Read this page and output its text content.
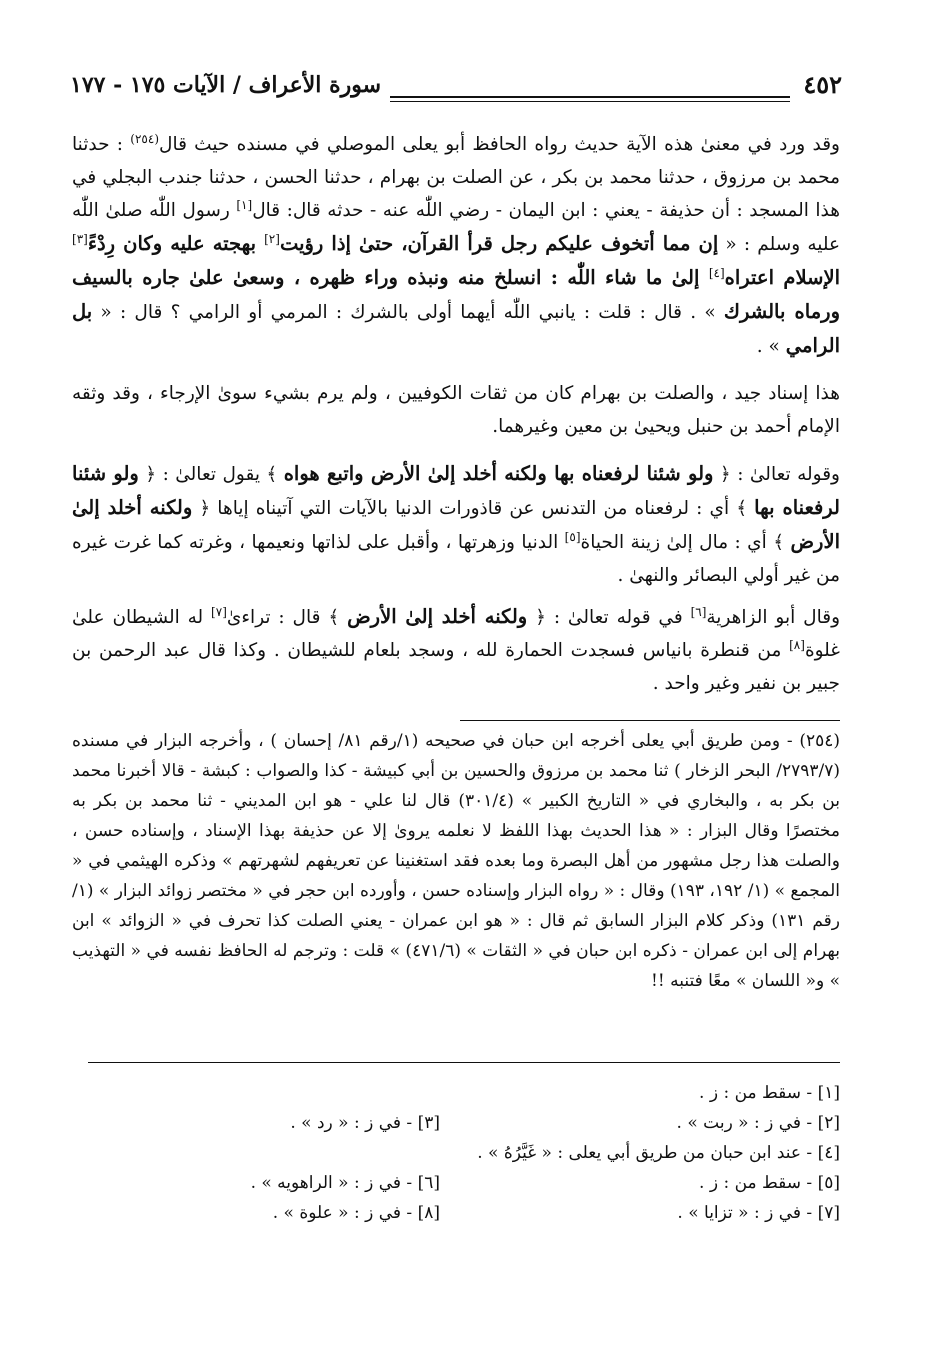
٤٥٢
سورة الأعراف / الآيات ١٧٥ - ١٧٧

وقد ورد في معنىٰ هذه الآية حديث رواه الحافظ أبو يعلى الموصلي في مسنده حيث قال$^{(٢٥٤)}$ : حدثنا محمد بن مرزوق ، حدثنا محمد بن بكر ، عن الصلت بن بهرام ، حدثنا الحسن ، حدثنا جندب البجلي في هذا المسجد : أن حذيفة - يعني : ابن اليمان - رضي اللّٰه عنه - حدثه قال: قال[١] رسول اللّٰه صلىٰ اللّٰه عليه وسلم : « إن مما أتخوف عليكم رجل قرأ القرآن، حتىٰ إذا رؤيت[٢] بهجته عليه وكان رِدْءً[٣] الإسلام اعتراه[٤] إلىٰ ما شاء اللّٰه : انسلخ منه ونبذه وراء ظهره ، وسعىٰ علىٰ جاره بالسيف ورماه بالشرك » . قال : قلت : يانبي اللّٰه أيهما أولى بالشرك : المرمي أو الرامي ؟ قال : « بل الرامي » .

هذا إسناد جيد ، والصلت بن بهرام كان من ثقات الكوفيين ، ولم يرم بشيء سوىٰ الإرجاء ، وقد وثقه الإمام أحمد بن حنبل ويحيىٰ بن معين وغيرهما.

وقوله تعالىٰ : ﴿ ولو شئنا لرفعناه بها ولكنه أخلد إلىٰ الأرض واتبع هواه ﴾ يقول تعالىٰ : ﴿ ولو شئنا لرفعناه بها ﴾ أي : لرفعناه من التدنس عن قاذورات الدنيا بالآيات التي آتيناه إياها ﴿ ولكنه أخلد إلىٰ الأرض ﴾ أي : مال إلىٰ زينة الحياة[٥] الدنيا وزهرتها ، وأقبل على لذاتها ونعيمها ، وغرته كما غرت غيره من غير أولي البصائر والنهىٰ .

وقال أبو الزاهرية[٦] في قوله تعالىٰ : ﴿ ولكنه أخلد إلىٰ الأرض ﴾ قال : تراءىٰ[٧] له الشيطان علىٰ غلوة[٨] من قنطرة بانياس فسجدت الحمارة لله ، وسجد بلعام للشيطان . وكذا قال عبد الرحمن بن جبير بن نفير وغير واحد .

(٢٥٤) - ومن طريق أبي يعلى أخرجه ابن حبان في صحيحه (١/رقم ٨١/ إحسان ) ، وأخرجه البزار في مسنده (٢٧٩٣/٧/ البحر الزخار ) ثنا محمد بن مرزوق والحسين بن أبي كبيشة - كذا والصواب : كبشة - قالا أخبرنا محمد بن بكر به ، والبخاري في « التاريخ الكبير » (٣٠١/٤) قال لنا علي - هو ابن المديني - ثنا محمد بن بكر به مختصرًا وقال البزار : « هذا الحديث بهذا اللفظ لا نعلمه يروىٰ إلا عن حذيفة بهذا الإسناد ، وإسناده حسن ، والصلت هذا رجل مشهور من أهل البصرة وما بعده فقد استغنينا عن تعريفهم لشهرتهم » وذكره الهيثمي في « المجمع » (١/ ١٩٢، ١٩٣) وقال : « رواه البزار وإسناده حسن ، وأورده ابن حجر في « مختصر زوائد البزار » (١/رقم ١٣١) وذكر كلام البزار السابق ثم قال : « هو ابن عمران - يعني الصلت كذا تحرف في « الزوائد » ابن بهرام إلى ابن عمران - ذكره ابن حبان في « الثقات » (٤٧١/٦) » قلت : وترجم له الحافظ نفسه في « التهذيب » و« اللسان » معًا فتنبه !!
[١] - سقط من : ز .
[٢] - في ز : « ربت » .
[٣] - في ز : « رد » .
[٤] - عند ابن حبان من طريق أبي يعلى : « غَيَّرُهُ » .
[٥] - سقط من : ز .
[٦] - في ز : « الراهويه » .
[٧] - في ز : « تزايا » .
[٨] - في ز : « علوة » .
